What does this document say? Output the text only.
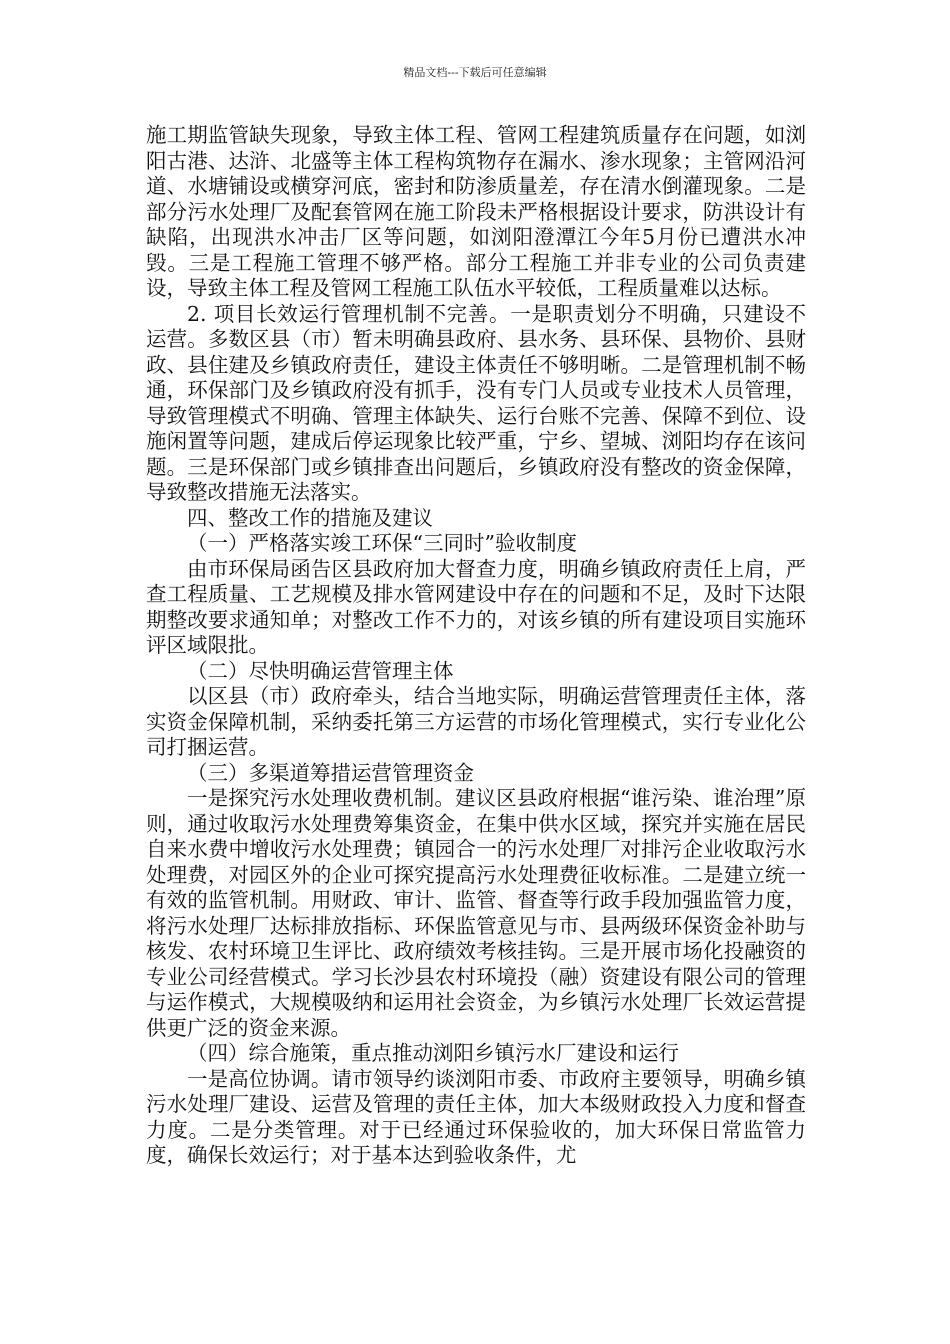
精品文档---下载后可任意编辑

施工期监管缺失现象，导致主体工程、管网工程建筑质量存在问题，如浏阳古港、达浒、北盛等主体工程构筑物存在漏水、渗水现象；主管网沿河道、水塘铺设或横穿河底，密封和防渗质量差，存在清水倒灌现象。二是部分污水处理厂及配套管网在施工阶段未严格根据设计要求，防洪设计有缺陷，出现洪水冲击厂区等问题，如浏阳澄潭江今年5月份已遭洪水冲毁。三是工程施工管理不够严格。部分工程施工并非专业的公司负责建设，导致主体工程及管网工程施工队伍水平较低，工程质量难以达标。

2. 项目长效运行管理机制不完善。一是职责划分不明确，只建设不运营。多数区县（市）暂未明确县政府、县水务、县环保、县物价、县财政、县住建及乡镇政府责任，建设主体责任不够明晰。二是管理机制不畅通，环保部门及乡镇政府没有抓手，没有专门人员或专业技术人员管理，导致管理模式不明确、管理主体缺失、运行台账不完善、保障不到位、设施闲置等问题，建成后停运现象比较严重，宁乡、望城、浏阳均存在该问题。三是环保部门或乡镇排查出问题后，乡镇政府没有整改的资金保障，导致整改措施无法落实。

四、整改工作的措施及建议

（一）严格落实竣工环保“三同时”验收制度

由市环保局函告区县政府加大督查力度，明确乡镇政府责任上肩，严查工程质量、工艺规模及排水管网建设中存在的问题和不足，及时下达限期整改要求通知单；对整改工作不力的，对该乡镇的所有建设项目实施环评区域限批。

（二）尽快明确运营管理主体

以区县（市）政府牵头，结合当地实际，明确运营管理责任主体，落实资金保障机制，采纳委托第三方运营的市场化管理模式，实行专业化公司打捆运营。

（三）多渠道筹措运营管理资金

一是探究污水处理收费机制。建议区县政府根据“谁污染、谁治理”原则，通过收取污水处理费筹集资金，在集中供水区域，探究并实施在居民自来水费中增收污水处理费；镇园合一的污水处理厂对排污企业收取污水处理费，对园区外的企业可探究提高污水处理费征收标准。二是建立统一有效的监管机制。用财政、审计、监管、督查等行政手段加强监管力度，将污水处理厂达标排放指标、环保监管意见与市、县两级环保资金补助与核发、农村环境卫生评比、政府绩效考核挂钩。三是开展市场化投融资的专业公司经营模式。学习长沙县农村环境投（融）资建设有限公司的管理与运作模式，大规模吸纳和运用社会资金，为乡镇污水处理厂长效运营提供更广泛的资金来源。

（四）综合施策，重点推动浏阳乡镇污水厂建设和运行

一是高位协调。请市领导约谈浏阳市委、市政府主要领导，明确乡镇污水处理厂建设、运营及管理的责任主体，加大本级财政投入力度和督查力度。二是分类管理。对于已经通过环保验收的，加大环保日常监管力度，确保长效运行；对于基本达到验收条件，尤
